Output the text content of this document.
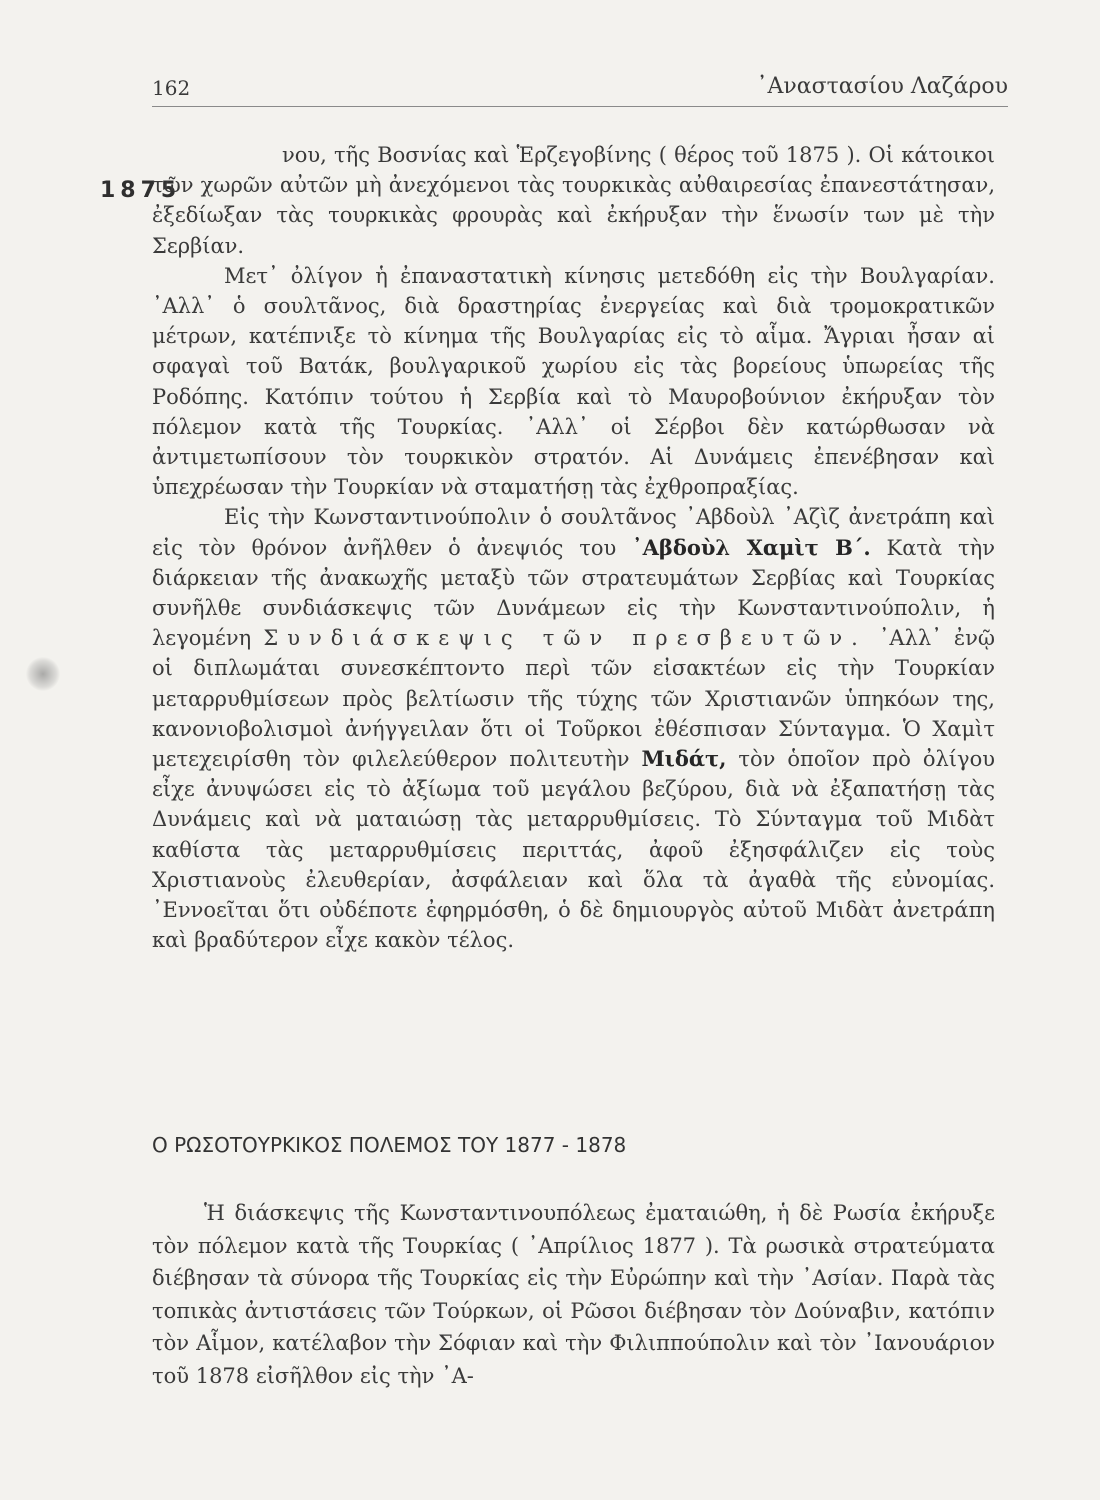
162	᾿Αναστασίου Λαζάρου
1875

νου, τῆς Βοσνίας καὶ Ἑρζεγοβίνης ( θέρος τοῦ 1875 ). Οἱ κάτοικοι τῶν χωρῶν αὐτῶν μὴ ἀνεχόμενοι τὰς τουρκικὰς αὐθαιρεσίας ἐπανεστάτησαν, ἐξεδίωξαν τὰς τουρκικὰς φρουρὰς καὶ ἐκήρυξαν τὴν ἕνωσίν των μὲ τὴν Σερβίαν.

Μετ᾿ ὀλίγον ἡ ἐπαναστατικὴ κίνησις μετεδόθη εἰς τὴν Βουλγαρίαν. ᾿Αλλ᾿ ὁ σουλτᾶνος, διὰ δραστηρίας ἐνεργείας καὶ διὰ τρομοκρατικῶν μέτρων, κατέπνιξε τὸ κίνημα τῆς Βουλγαρίας εἰς τὸ αἷμα. Ἄγριαι ἦσαν αἱ σφαγαὶ τοῦ Βατάκ, βουλγαρικοῦ χωρίου εἰς τὰς βορείους ὑπωρείας τῆς Ροδόπης. Κατόπιν τούτου ἡ Σερβία καὶ τὸ Μαυροβούνιον ἐκήρυξαν τὸν πόλεμον κατὰ τῆς Τουρκίας. ᾿Αλλ᾿ οἱ Σέρβοι δὲν κατώρθωσαν νὰ ἀντιμετωπίσουν τὸν τουρκικὸν στρατόν. Αἱ Δυνάμεις ἐπενέβησαν καὶ ὑπεχρέωσαν τὴν Τουρκίαν νὰ σταματήσῃ τὰς ἐχθροπραξίας.

Εἰς τὴν Κωνσταντινούπολιν ὁ σουλτᾶνος ᾿Αβδοὺλ ᾿Αζὶζ ἀνετράπη καὶ εἰς τὸν θρόνον ἀνῆλθεν ὁ ἀνεψιός του ᾿Αβδοὺλ Χαμὶτ Β΄. Κατὰ τὴν διάρκειαν τῆς ἀνακωχῆς μεταξὺ τῶν στρατευμάτων Σερβίας καὶ Τουρκίας συνῆλθε συνδιάσκεψις τῶν Δυνάμεων εἰς τὴν Κωνσταντινούπολιν, ἡ λεγομένη Συνδιάσκεψις τῶν πρεσβευτῶν. ᾿Αλλ᾿ ἐνῷ οἱ διπλωμάται συνεσκέπτοντο περὶ τῶν εἰσακτέων εἰς τὴν Τουρκίαν μεταρρυθμίσεων πρὸς βελτίωσιν τῆς τύχης τῶν Χριστιανῶν ὑπηκόων της, κανονιοβολισμοὶ ἀνήγγειλαν ὅτι οἱ Τοῦρκοι ἐθέσπισαν Σύνταγμα. Ὁ Χαμὶτ μετεχειρίσθη τὸν φιλελεύθερον πολιτευτὴν Μιδάτ, τὸν ὁποῖον πρὸ ὀλίγου εἶχε ἀνυψώσει εἰς τὸ ἀξίωμα τοῦ μεγάλου βεζύρου, διὰ νὰ ἐξαπατήσῃ τὰς Δυνάμεις καὶ νὰ ματαιώσῃ τὰς μεταρρυθμίσεις. Τὸ Σύνταγμα τοῦ Μιδὰτ καθίστα τὰς μεταρρυθμίσεις περιττάς, ἀφοῦ ἐξησφάλιζεν εἰς τοὺς Χριστιανοὺς ἐλευθερίαν, ἀσφάλειαν καὶ ὅλα τὰ ἀγαθὰ τῆς εὐνομίας. ᾿Εννοεῖται ὅτι οὐδέποτε ἐφηρμόσθη, ὁ δὲ δημιουργὸς αὐτοῦ Μιδὰτ ἀνετράπη καὶ βραδύτερον εἶχε κακὸν τέλος.

Ο ΡΩΣΟΤΟΥΡΚΙΚΟΣ ΠΟΛΕΜΟΣ ΤΟΥ 1877 - 1878

Ἡ διάσκεψις τῆς Κωνσταντινουπόλεως ἐματαιώθη, ἡ δὲ Ρωσία ἐκήρυξε τὸν πόλεμον κατὰ τῆς Τουρκίας ( ᾿Απρίλιος 1877 ). Τὰ ρωσικὰ στρατεύματα διέβησαν τὰ σύνορα τῆς Τουρκίας εἰς τὴν Εὐρώπην καὶ τὴν ᾿Ασίαν. Παρὰ τὰς τοπικὰς ἀντιστάσεις τῶν Τούρκων, οἱ Ρῶσοι διέβησαν τὸν Δούναβιν, κατόπιν τὸν Αἷμον, κατέλαβον τὴν Σόφιαν καὶ τὴν Φιλιππούπολιν καὶ τὸν ᾿Ιανουάριον τοῦ 1878 εἰσῆλθον εἰς τὴν ᾿Α-
